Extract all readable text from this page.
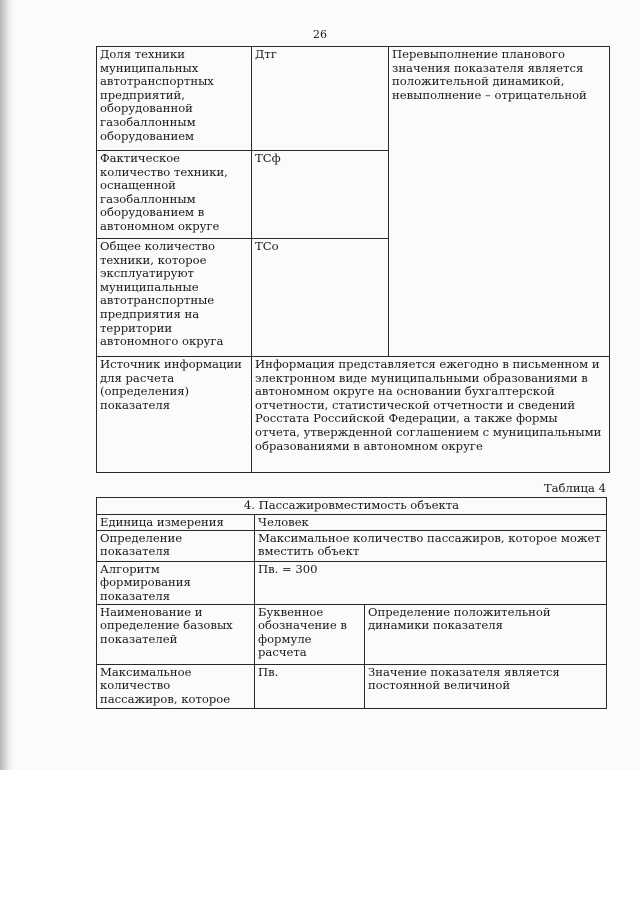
26
Доля техники муниципальных автотранспортных предприятий, оборудованной газобаллонным оборудованием	Дтг	Перевыполнение планового значения показателя является положительной динамикой, невыполнение – отрицательной
Фактическое количество техники, оснащенной газобаллонным оборудованием в автономном округе	ТСф	
Общее количество техники, которое эксплуатируют муниципальные автотранспортные предприятия на территории автономного округа	ТСо	
Источник информации для расчета (определения) показателя	Информация представляется ежегодно в письменном и электронном виде муниципальными образованиями в автономном округе на основании бухгалтерской отчетности, статистической отчетности и сведений Росстата Российской Федерации, а также формы отчета, утвержденной соглашением с муниципальными образованиями в автономном округе	
Таблица 4
4. Пассажировместимость объекта		
Единица измерения	Человек	
Определение показателя	Максимальное количество пассажиров, которое может вместить объект	
Алгоритм формирования показателя	Пв. = 300	
Наименование и определение базовых показателей	Буквенное обозначение в формуле расчета	Определение положительной динамики показателя
Максимальное количество пассажиров, которое	Пв.	Значение показателя является постоянной величиной
